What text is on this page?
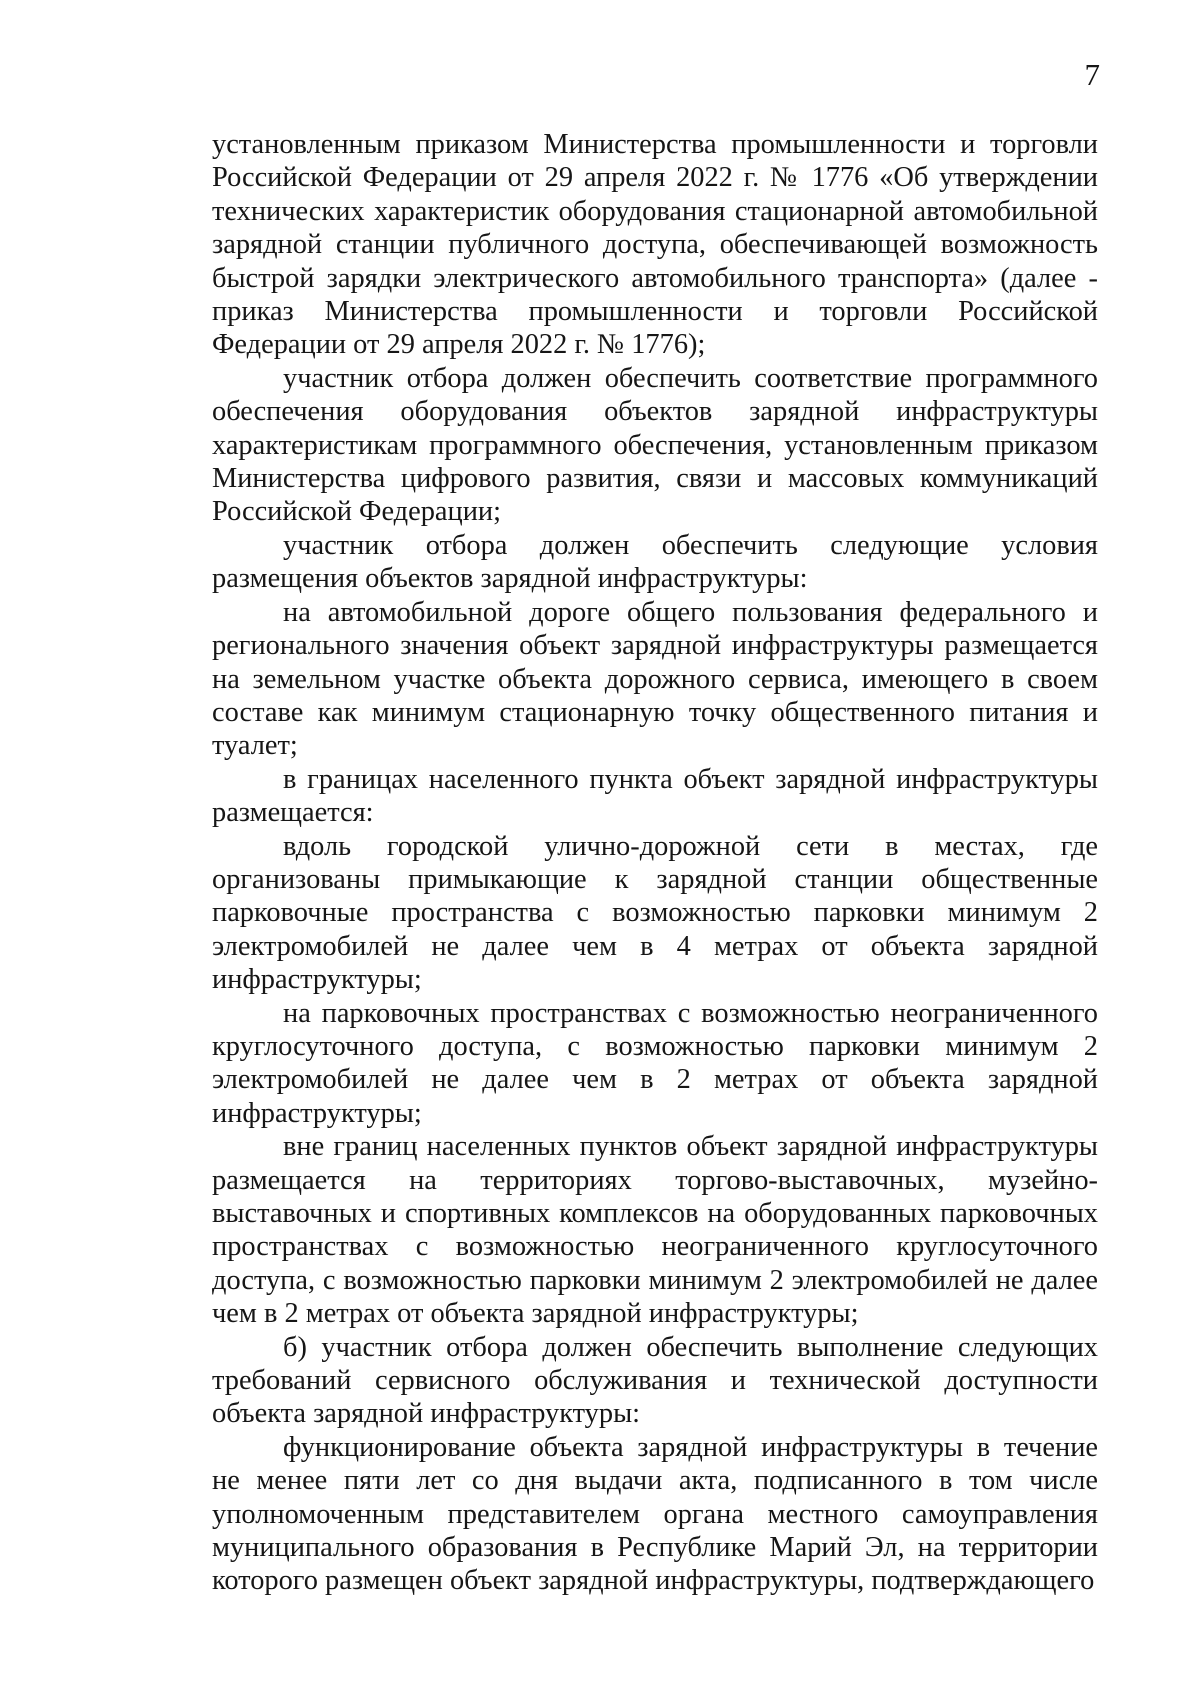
7

установленным приказом Министерства промышленности и торговли Российской Федерации от 29 апреля 2022 г. № 1776 «Об утверждении технических характеристик оборудования стационарной автомобильной зарядной станции публичного доступа, обеспечивающей возможность быстрой зарядки электрического автомобильного транспорта» (далее - приказ Министерства промышленности и торговли Российской Федерации от 29 апреля 2022 г. № 1776);

участник отбора должен обеспечить соответствие программного обеспечения оборудования объектов зарядной инфраструктуры характеристикам программного обеспечения, установленным приказом Министерства цифрового развития, связи и массовых коммуникаций Российской Федерации;

участник отбора должен обеспечить следующие условия размещения объектов зарядной инфраструктуры:

на автомобильной дороге общего пользования федерального и регионального значения объект зарядной инфраструктуры размещается на земельном участке объекта дорожного сервиса, имеющего в своем составе как минимум стационарную точку общественного питания и туалет;

в границах населенного пункта объект зарядной инфраструктуры размещается:

вдоль городской улично-дорожной сети в местах, где организованы примыкающие к зарядной станции общественные парковочные пространства с возможностью парковки минимум 2 электромобилей не далее чем в 4 метрах от объекта зарядной инфраструктуры;

на парковочных пространствах с возможностью неограниченного круглосуточного доступа, с возможностью парковки минимум 2 электромобилей не далее чем в 2 метрах от объекта зарядной инфраструктуры;

вне границ населенных пунктов объект зарядной инфраструктуры размещается на территориях торгово-выставочных, музейно-выставочных и спортивных комплексов на оборудованных парковочных пространствах с возможностью неограниченного круглосуточного доступа, с возможностью парковки минимум 2 электромобилей не далее чем в 2 метрах от объекта зарядной инфраструктуры;

б) участник отбора должен обеспечить выполнение следующих требований сервисного обслуживания и технической доступности объекта зарядной инфраструктуры:

функционирование объекта зарядной инфраструктуры в течение не менее пяти лет со дня выдачи акта, подписанного в том числе уполномоченным представителем органа местного самоуправления муниципального образования в Республике Марий Эл, на территории которого размещен объект зарядной инфраструктуры, подтверждающего
